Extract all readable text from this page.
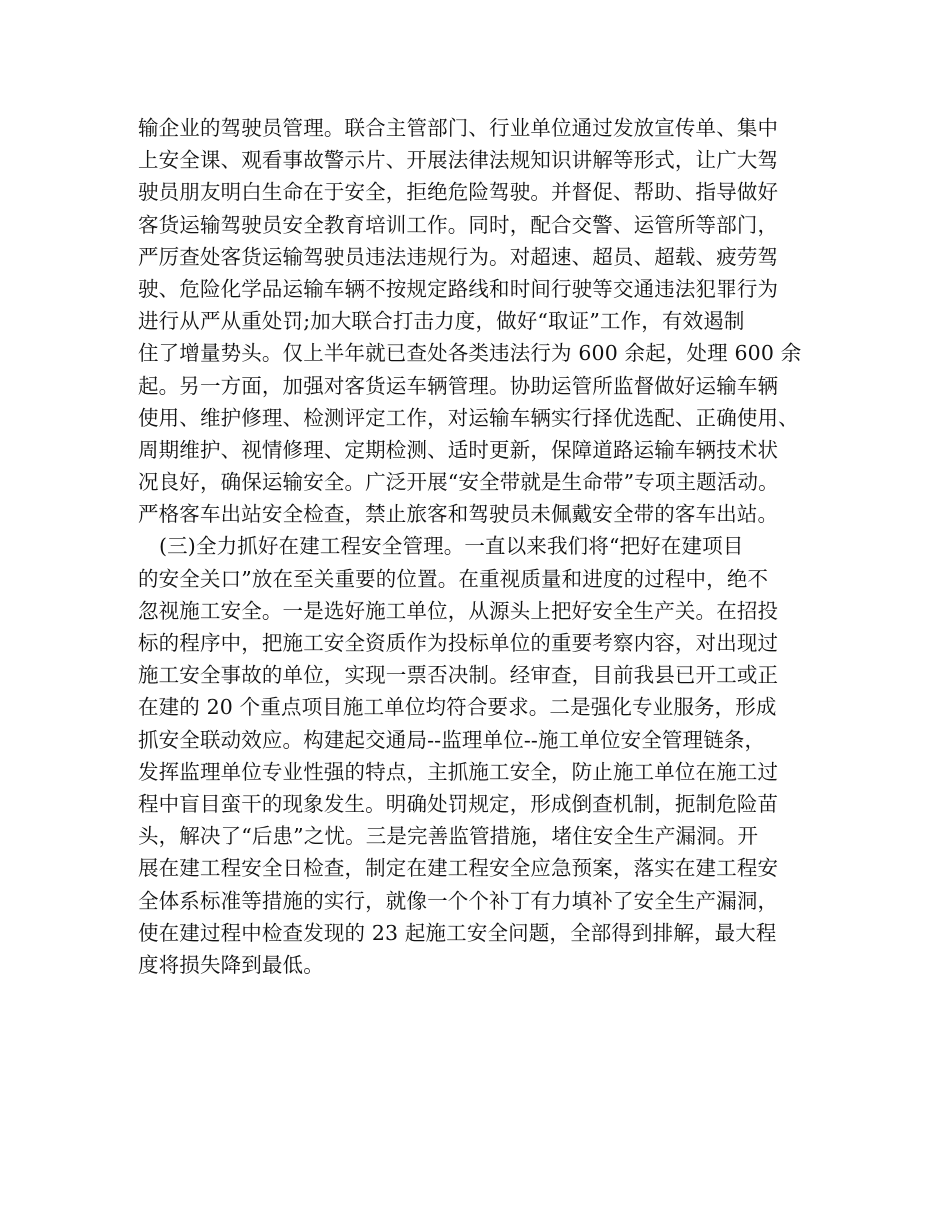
输企业的驾驶员管理。联合主管部门、行业单位通过发放宣传单、集中
上安全课、观看事故警示片、开展法律法规知识讲解等形式，让广大驾
驶员朋友明白生命在于安全，拒绝危险驾驶。并督促、帮助、指导做好
客货运输驾驶员安全教育培训工作。同时，配合交警、运管所等部门，
严厉查处客货运输驾驶员违法违规行为。对超速、超员、超载、疲劳驾
驶、危险化学品运输车辆不按规定路线和时间行驶等交通违法犯罪行为
进行从严从重处罚;加大联合打击力度，做好“取证”工作，有效遏制
住了增量势头。仅上半年就已查处各类违法行为 600 余起，处理 600 余
起。另一方面，加强对客货运车辆管理。协助运管所监督做好运输车辆
使用、维护修理、检测评定工作，对运输车辆实行择优选配、正确使用、
周期维护、视情修理、定期检测、适时更新，保障道路运输车辆技术状
况良好，确保运输安全。广泛开展“安全带就是生命带”专项主题活动。
严格客车出站安全检查，禁止旅客和驾驶员未佩戴安全带的客车出站。
(三)全力抓好在建工程安全管理。一直以来我们将“把好在建项目
的安全关口”放在至关重要的位置。在重视质量和进度的过程中，绝不
忽视施工安全。一是选好施工单位，从源头上把好安全生产关。在招投
标的程序中，把施工安全资质作为投标单位的重要考察内容，对出现过
施工安全事故的单位，实现一票否决制。经审查，目前我县已开工或正
在建的 20 个重点项目施工单位均符合要求。二是强化专业服务，形成
抓安全联动效应。构建起交通局--监理单位--施工单位安全管理链条，
发挥监理单位专业性强的特点，主抓施工安全，防止施工单位在施工过
程中盲目蛮干的现象发生。明确处罚规定，形成倒查机制，扼制危险苗
头，解决了“后患”之忧。三是完善监管措施，堵住安全生产漏洞。开
展在建工程安全日检查，制定在建工程安全应急预案，落实在建工程安
全体系标准等措施的实行，就像一个个补丁有力填补了安全生产漏洞，
使在建过程中检查发现的 23 起施工安全问题，全部得到排解，最大程
度将损失降到最低。
